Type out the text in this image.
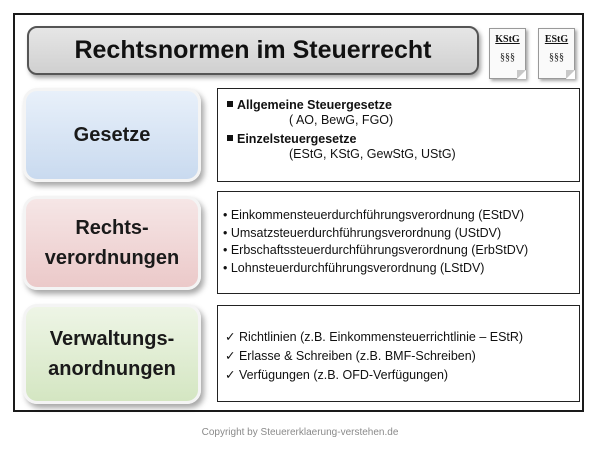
Rechtsnormen im Steuerrecht	KStG
§§§
EStG
§§§
Gesetze
Allgemeine Steuergesetze
( AO, BewG, FGO)
Einzelsteuergesetze
(EStG, KStG, GewStG, UStG)
Rechts-
verordnungen
• Einkommensteuerdurchführungsverordnung (EStDV)
• Umsatzsteuerdurchführungsverordnung (UStDV)
• Erbschaftssteuerdurchführungsverordnung (ErbStDV)
• Lohnsteuerdurchführungsverordnung (LStDV)
Verwaltungs-
anordnungen
✓ Richtlinien (z.B. Einkommensteuerrichtlinie – EStR)
✓ Erlasse & Schreiben (z.B. BMF-Schreiben)
✓ Verfügungen (z.B. OFD-Verfügungen)
Copyright by Steuererklaerung-verstehen.de
